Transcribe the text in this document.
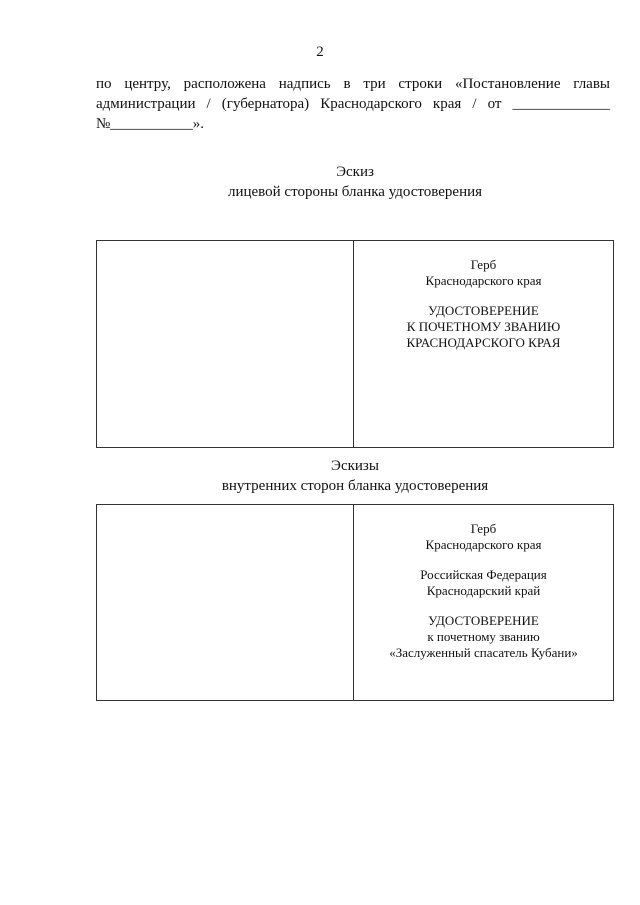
2
по центру, расположена надпись в три строки «Постановление главы
администрации / (губернатора) Краснодарского края / от _____________
№___________».
Эскиз
лицевой стороны бланка удостоверения
Герб
Краснодарского края
УДОСТОВЕРЕНИЕ
К ПОЧЕТНОМУ ЗВАНИЮ
КРАСНОДАРСКОГО КРАЯ
Эскизы
внутренних сторон бланка удостоверения
Герб
Краснодарского края
Российская Федерация
Краснодарский край
УДОСТОВЕРЕНИЕ
к почетному званию
«Заслуженный спасатель Кубани»
